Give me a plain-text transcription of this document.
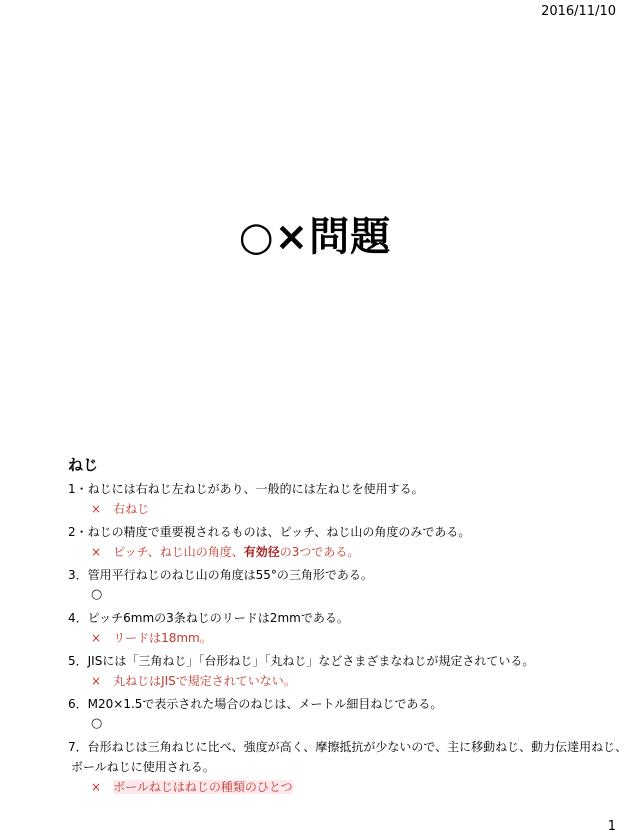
2016/11/10
○×問題
ねじ

1・ねじには右ねじ左ねじがあり、一般的には左ねじを使用する。

× 右ねじ

2・ねじの精度で重要視されるものは、ピッチ、ねじ山の角度のみである。

× ピッチ、ねじ山の角度、有効径の3つである。

3．管用平行ねじのねじ山の角度は55°の三角形である。

○

4．ピッチ6mmの3条ねじのリードは2mmである。

× リードは18mm。

5．JISには「三角ねじ」「台形ねじ」「丸ねじ」などさまざまなねじが規定されている。

× 丸ねじはJISで規定されていない。

6．M20×1.5で表示された場合のねじは、メートル細目ねじである。

○

7．台形ねじは三角ねじに比べ、強度が高く、摩擦抵抗が少ないので、主に移動ねじ、動力伝達用ねじ、
ボールねじに使用される。

× ボールねじはねじの種類のひとつ

1
